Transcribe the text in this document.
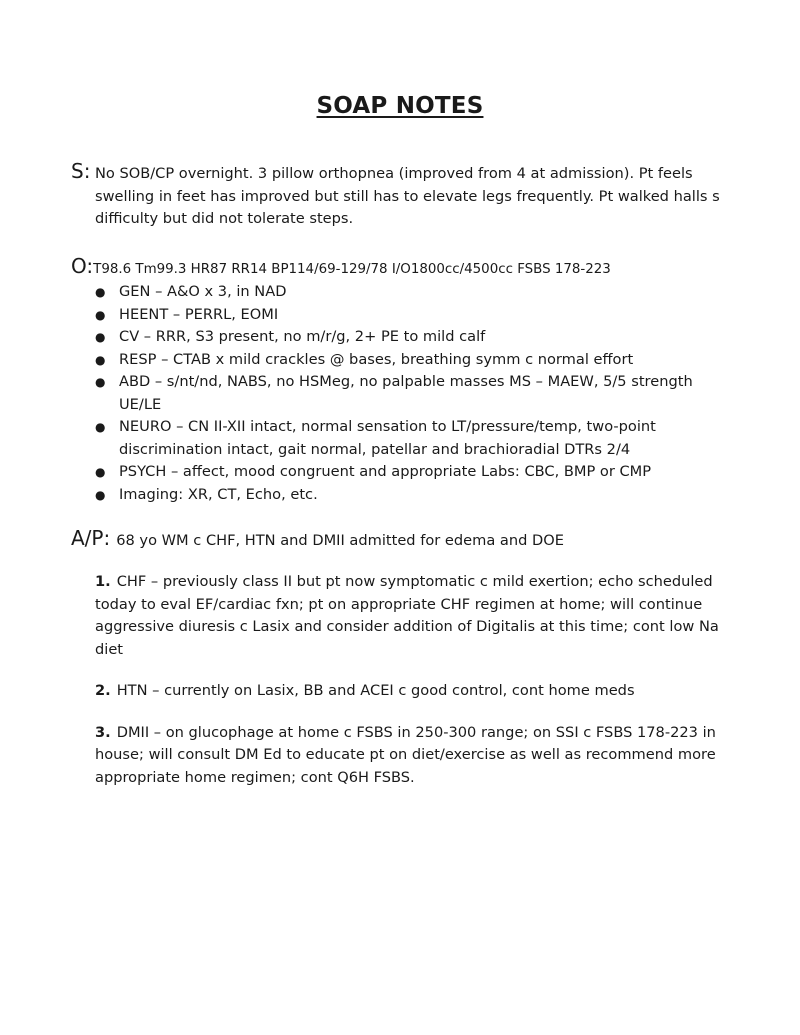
SOAP NOTES
S: No SOB/CP overnight. 3 pillow orthopnea (improved from 4 at admission). Pt feels swelling in feet has improved but still has to elevate legs frequently. Pt walked halls s difficulty but did not tolerate steps.
O:T98.6 Tm99.3 HR87 RR14 BP114/69-129/78 I/O1800cc/4500cc FSBS 178-223
● GEN – A&O x 3, in NAD
● HEENT – PERRL, EOMI
● CV – RRR, S3 present, no m/r/g, 2+ PE to mild calf
● RESP – CTAB x mild crackles @ bases, breathing symm c normal effort
● ABD – s/nt/nd, NABS, no HSMeg, no palpable masses MS – MAEW, 5/5 strength UE/LE
● NEURO – CN II-XII intact, normal sensation to LT/pressure/temp, two-point discrimination intact, gait normal, patellar and brachioradial DTRs 2/4
● PSYCH – affect, mood congruent and appropriate Labs: CBC, BMP or CMP
● Imaging: XR, CT, Echo, etc.
A/P: 68 yo WM c CHF, HTN and DMII admitted for edema and DOE
1. CHF – previously class II but pt now symptomatic c mild exertion; echo scheduled today to eval EF/cardiac fxn; pt on appropriate CHF regimen at home; will continue aggressive diuresis c Lasix and consider addition of Digitalis at this time; cont low Na diet
2. HTN – currently on Lasix, BB and ACEI c good control, cont home meds
3. DMII – on glucophage at home c FSBS in 250-300 range; on SSI c FSBS 178-223 in house; will consult DM Ed to educate pt on diet/exercise as well as recommend more appropriate home regimen; cont Q6H FSBS.
